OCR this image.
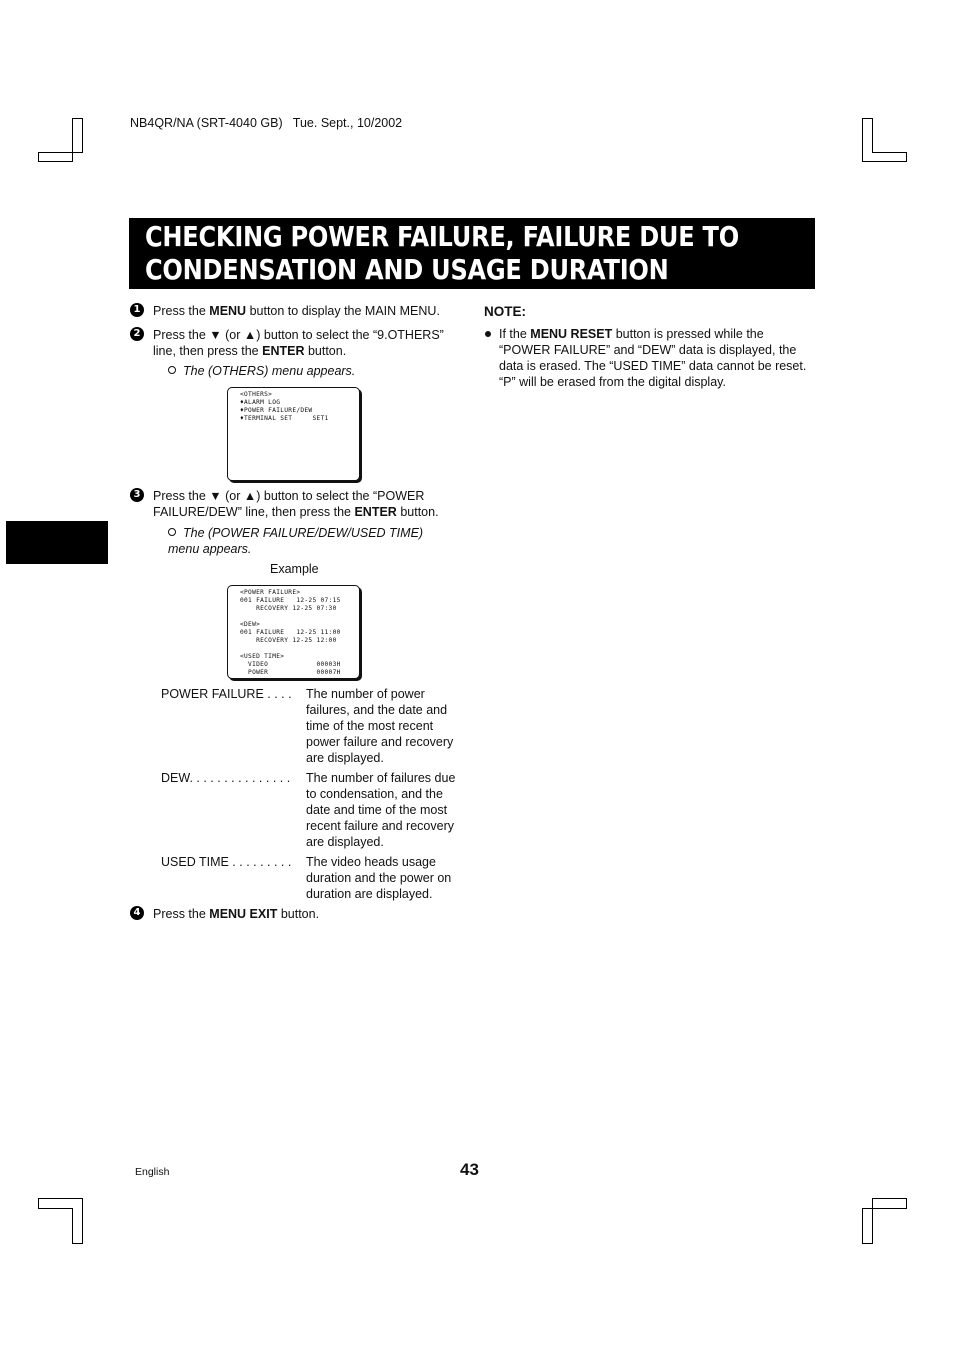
NB4QR/NA (SRT-4040 GB)   Tue. Sept., 10/2002
CHECKING POWER FAILURE, FAILURE DUE TO
CONDENSATION AND USAGE DURATION
1 Press the MENU button to display the MAIN MENU.
2 Press the ▼ (or ▲) button to select the “9.OTHERS” line, then press the ENTER button.
The (OTHERS) menu appears.
<OTHERS>
♦ALARM LOG
♦POWER FAILURE/DEW
♦TERMINAL SET     SET1
3 Press the ▼ (or ▲) button to select the “POWER FAILURE/DEW” line, then press the ENTER button.
The (POWER FAILURE/DEW/USED TIME) menu appears.
Example
<POWER FAILURE>
001 FAILURE   12-25 07:15
RECOVERY 12-25 07:30
<DEW>
001 FAILURE   12-25 11:00
RECOVERY 12-25 12:00
<USED TIME>
VIDEO            00003H
POWER            00007H
POWER FAILURE . . . .	The number of power failures, and the date and time of the most recent power failure and recovery are displayed.
DEW. . . . . . . . . . . . . . .	The number of failures due to condensation, and the date and time of the most recent failure and recovery are displayed.
USED TIME . . . . . . . . .	The video heads usage duration and the power on duration are displayed.
4 Press the MENU EXIT button.
NOTE:
If the MENU RESET button is pressed while the “POWER FAILURE” and “DEW” data is displayed, the data is erased. The “USED TIME” data cannot be reset. “P” will be erased from the digital display.
English	43
